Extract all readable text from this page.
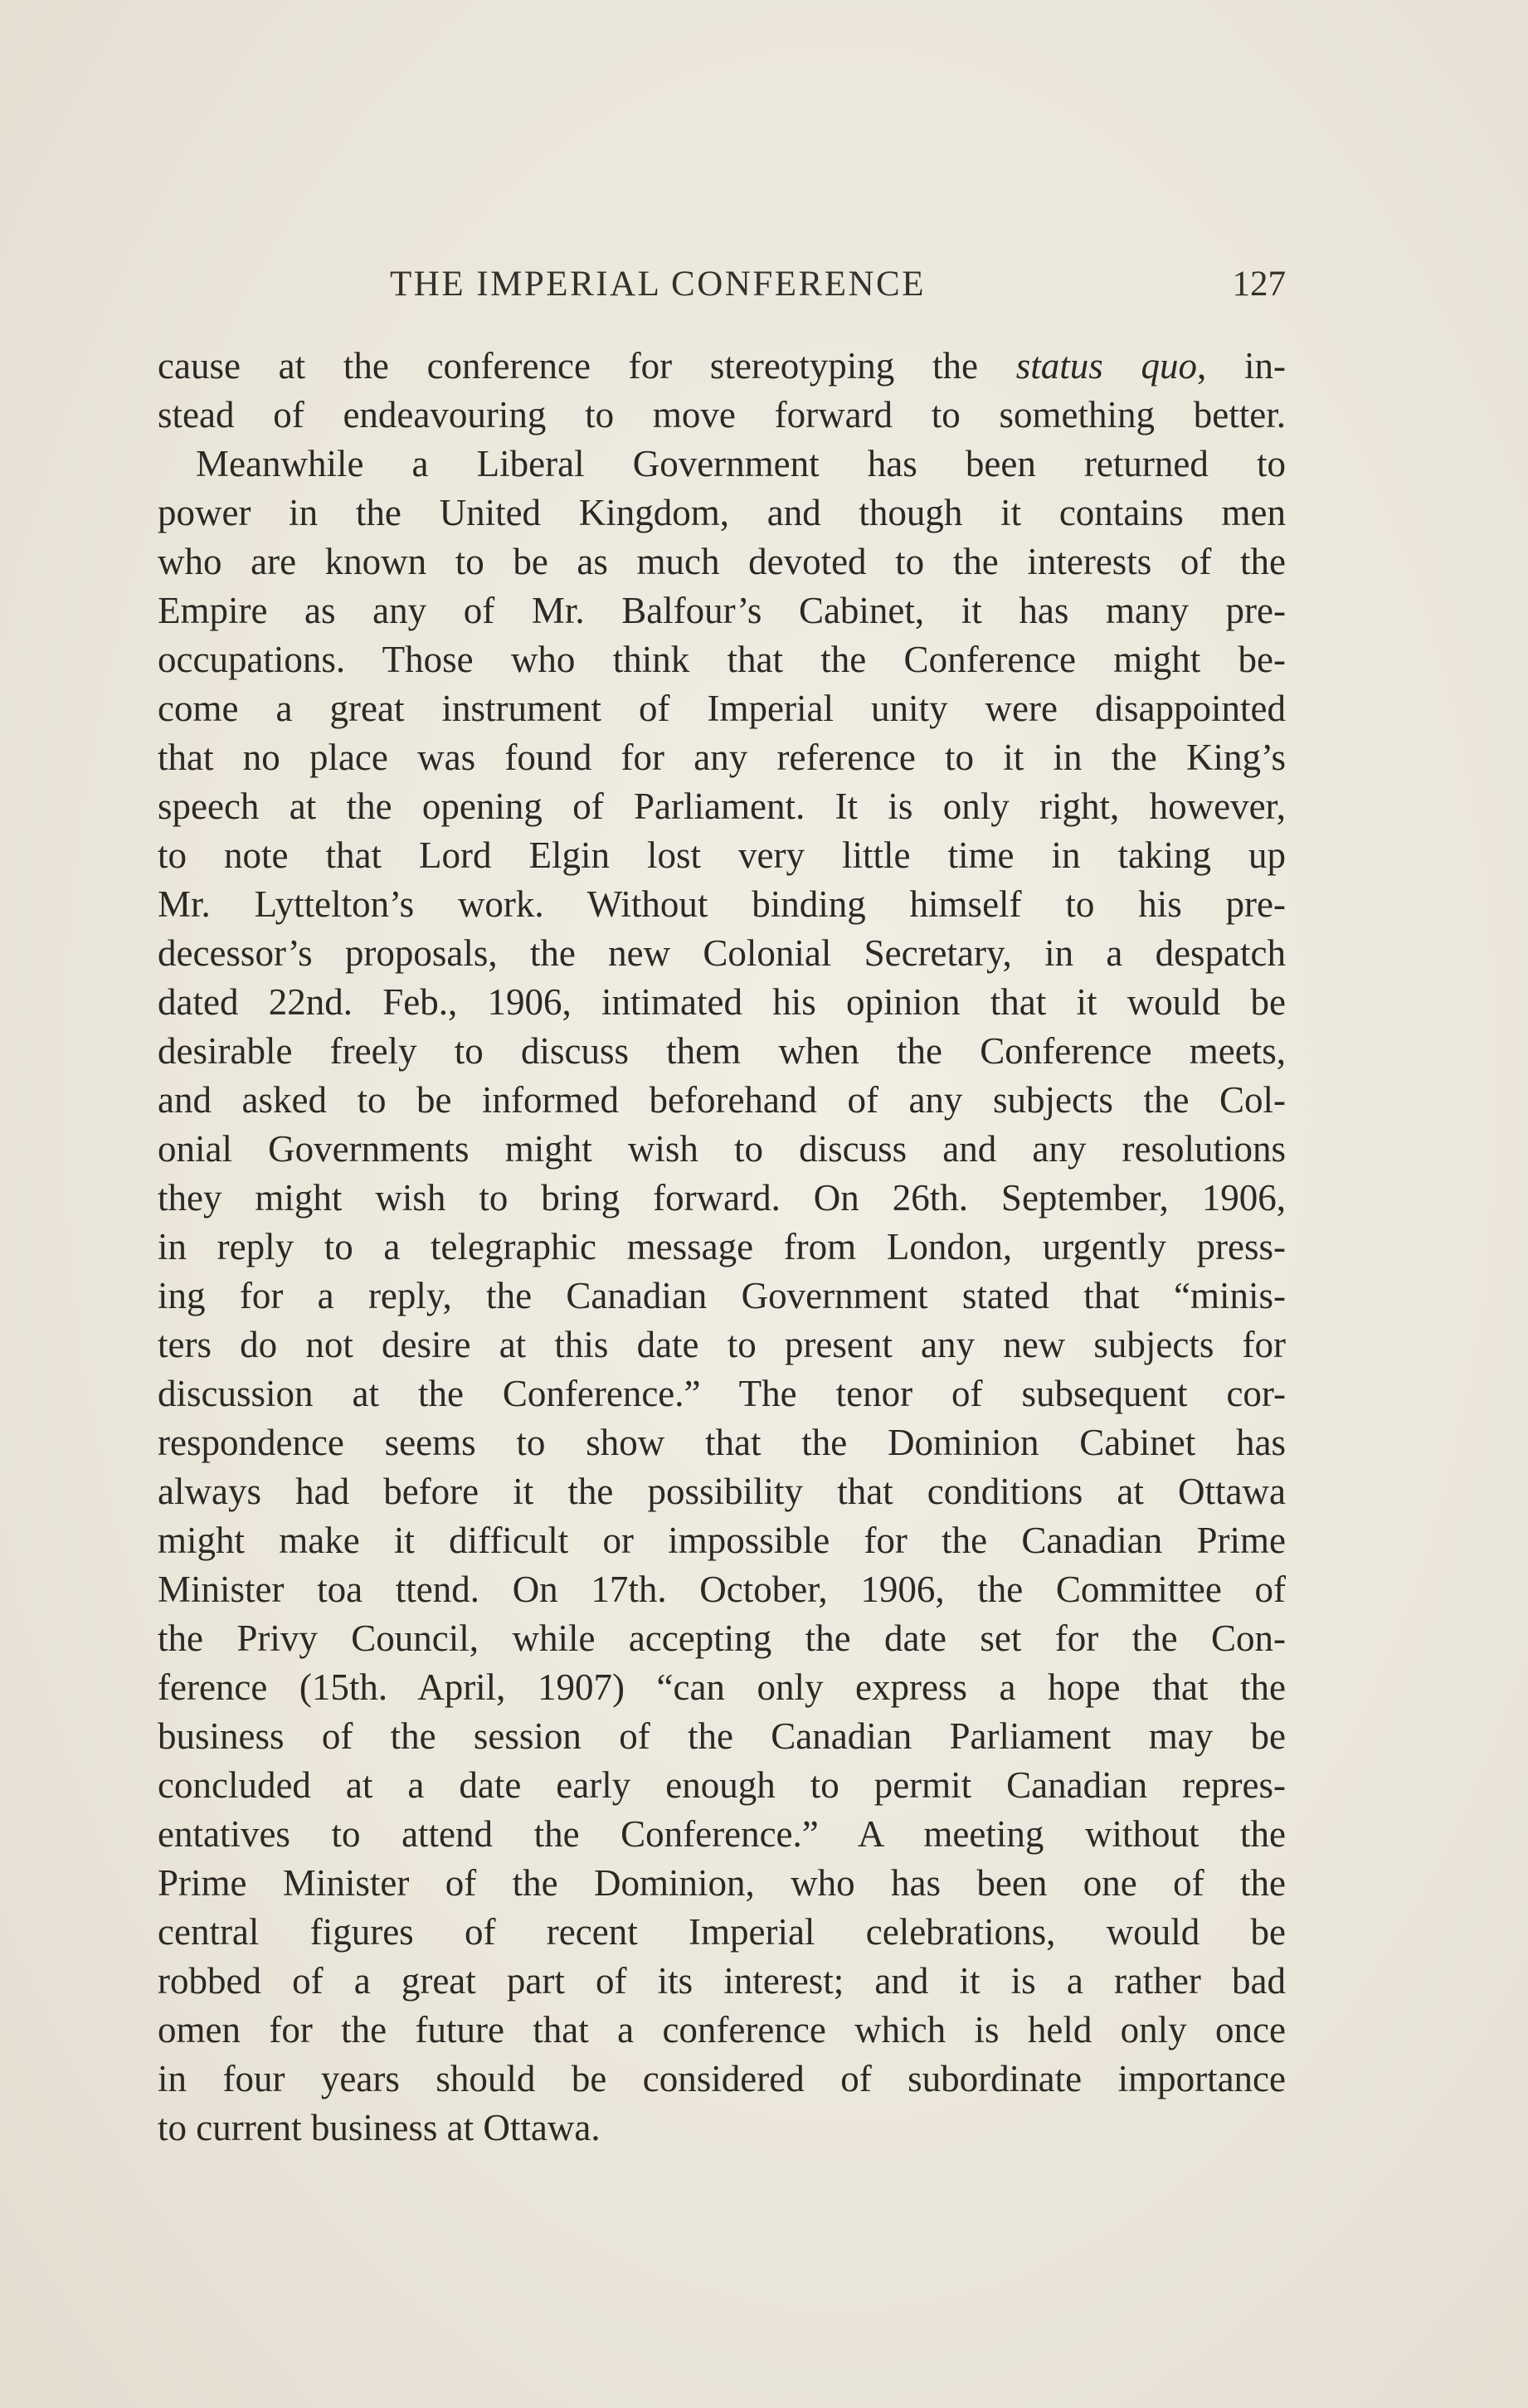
THE IMPERIAL CONFERENCE	127
cause at the conference for stereotyping the status quo, in-
stead of endeavouring to move forward to something better.
Meanwhile a Liberal Government has been returned to
power in the United Kingdom, and though it contains men
who are known to be as much devoted to the interests of the
Empire as any of Mr. Balfour’s Cabinet, it has many pre-
occupations. Those who think that the Conference might be-
come a great instrument of Imperial unity were disappointed
that no place was found for any reference to it in the King’s
speech at the opening of Parliament. It is only right, however,
to note that Lord Elgin lost very little time in taking up
Mr. Lyttelton’s work. Without binding himself to his pre-
decessor’s proposals, the new Colonial Secretary, in a despatch
dated 22nd. Feb., 1906, intimated his opinion that it would be
desirable freely to discuss them when the Conference meets,
and asked to be informed beforehand of any subjects the Col-
onial Governments might wish to discuss and any resolutions
they might wish to bring forward. On 26th. September, 1906,
in reply to a telegraphic message from London, urgently press-
ing for a reply, the Canadian Government stated that “minis-
ters do not desire at this date to present any new subjects for
discussion at the Conference.” The tenor of subsequent cor-
respondence seems to show that the Dominion Cabinet has
always had before it the possibility that conditions at Ottawa
might make it difficult or impossible for the Canadian Prime
Minister toa ttend. On 17th. October, 1906, the Committee of
the Privy Council, while accepting the date set for the Con-
ference (15th. April, 1907) “can only express a hope that the
business of the session of the Canadian Parliament may be
concluded at a date early enough to permit Canadian repres-
entatives to attend the Conference.” A meeting without the
Prime Minister of the Dominion, who has been one of the
central figures of recent Imperial celebrations, would be
robbed of a great part of its interest; and it is a rather bad
omen for the future that a conference which is held only once
in four years should be considered of subordinate importance
to current business at Ottawa.
